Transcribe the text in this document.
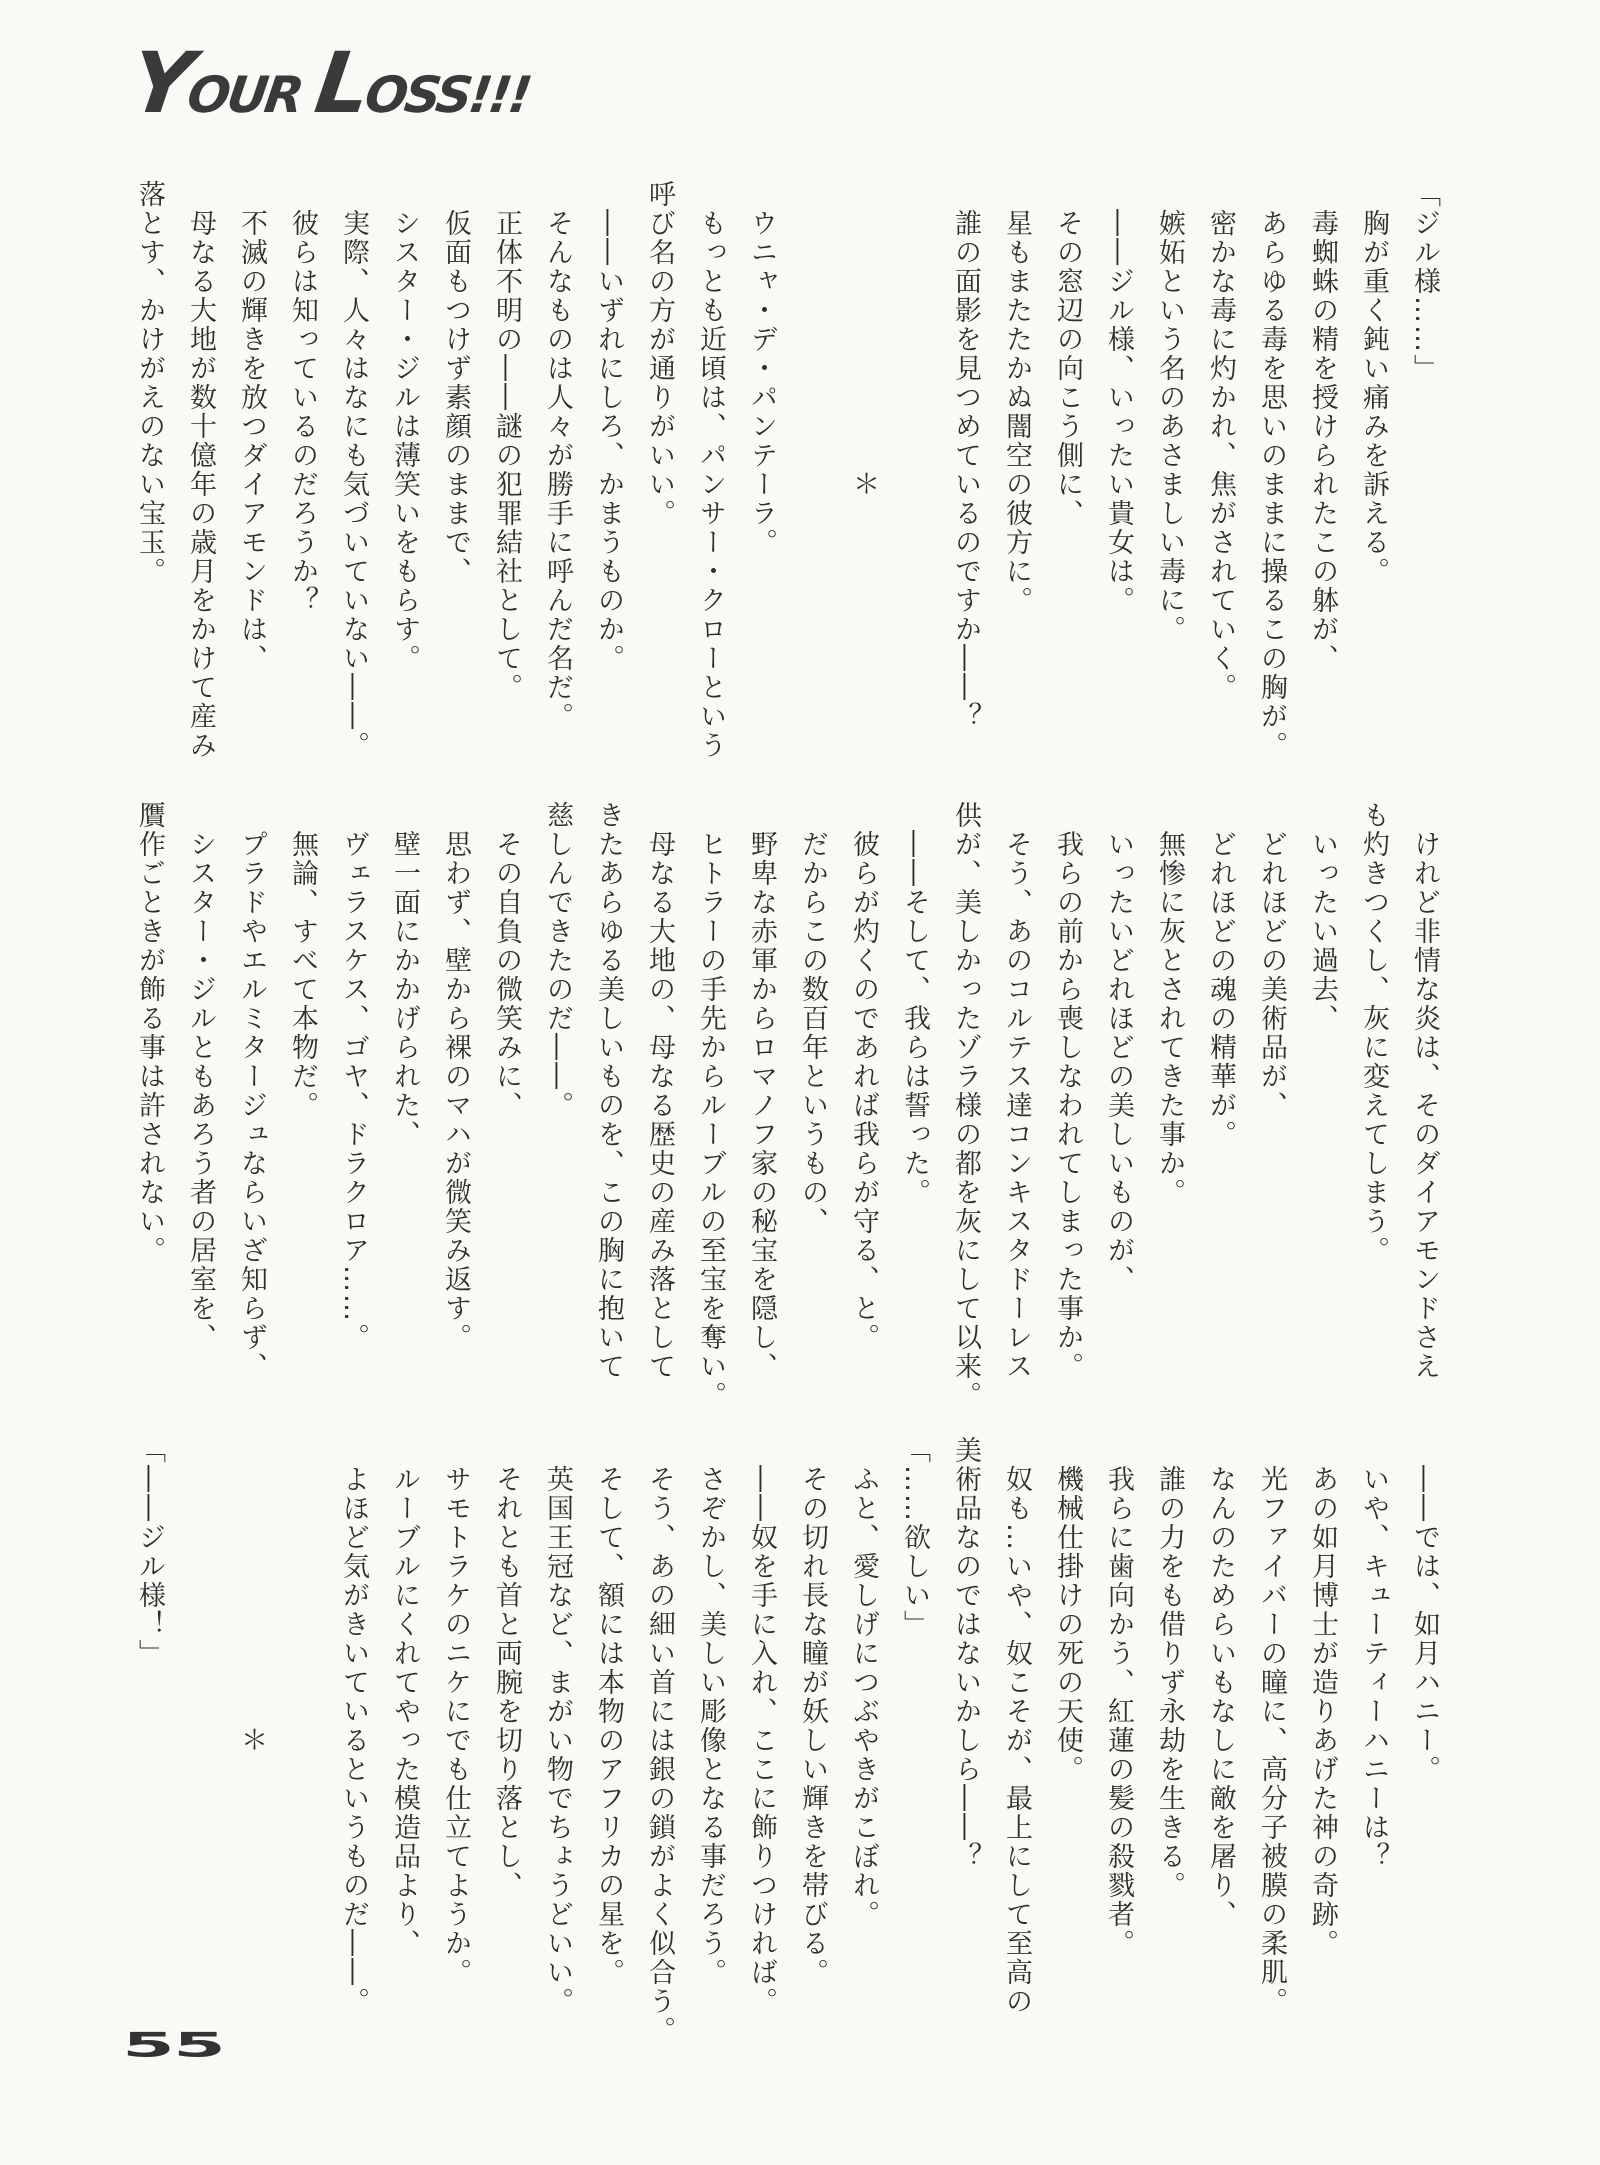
YOUR LOSS!!!
「ジル様……」
　胸が重く鈍い痛みを訴える。
　毒蜘蛛の精を授けられたこの躰が、
　あらゆる毒を思いのままに操るこの胸が。
　密かな毒に灼かれ、焦がされていく。
　嫉妬という名のあさましい毒に。
　――ジル様、いったい貴女は。
　その窓辺の向こう側に、
　星もまたたかぬ闇空の彼方に。
　誰の面影を見つめているのですか――？
　　　　　　　　　　＊
　ウニャ・デ・パンテーラ。
　もっとも近頃は、パンサー・クローという
呼び名の方が通りがいい。
　――いずれにしろ、かまうものか。
　そんなものは人々が勝手に呼んだ名だ。
　正体不明の――謎の犯罪結社として。
　仮面もつけず素顔のままで、
　シスター・ジルは薄笑いをもらす。
　実際、人々はなにも気づいていない――。
　彼らは知っているのだろうか？
　不滅の輝きを放つダイアモンドは、
　母なる大地が数十億年の歳月をかけて産み
落とす、かけがえのない宝玉。
　けれど非情な炎は、そのダイアモンドさえ
も灼きつくし、灰に変えてしまう。
　いったい過去、
　どれほどの美術品が、
　どれほどの魂の精華が。
　無惨に灰とされてきた事か。
　いったいどれほどの美しいものが、
　我らの前から喪しなわれてしまった事か。
　そう、あのコルテス達コンキスタドーレス
供が、美しかったゾラ様の都を灰にして以来。
　――そして、我らは誓った。
　彼らが灼くのであれば我らが守る、と。
　だからこの数百年というもの、
　野卑な赤軍からロマノフ家の秘宝を隠し、
　ヒトラーの手先からルーブルの至宝を奪い。
　母なる大地の、母なる歴史の産み落として
きたあらゆる美しいものを、この胸に抱いて
慈しんできたのだ――。
　その自負の微笑みに、
　思わず、壁から裸のマハが微笑み返す。
　壁一面にかかげられた、
　ヴェラスケス、ゴヤ、ドラクロア……。
　無論、すべて本物だ。
　プラドやエルミタージュならいざ知らず、
　シスター・ジルともあろう者の居室を、
贋作ごときが飾る事は許されない。
　――では、如月ハニー。
　いや、キューティーハニーは？
　あの如月博士が造りあげた神の奇跡。
　光ファイバーの瞳に、高分子被膜の柔肌。
　なんのためらいもなしに敵を屠り、
　誰の力をも借りず永劫を生きる。
　我らに歯向かう、紅蓮の髪の殺戮者。
　機械仕掛けの死の天使。
　奴も…いや、奴こそが、最上にして至高の
美術品なのではないかしら――？
「……欲しい」
　ふと、愛しげにつぶやきがこぼれ。
　その切れ長な瞳が妖しい輝きを帯びる。
　――奴を手に入れ、ここに飾りつければ。
　さぞかし、美しい彫像となる事だろう。
　そう、あの細い首には銀の鎖がよく似合う。
　そして、額には本物のアフリカの星を。
　英国王冠など、まがい物でちょうどいい。
　それとも首と両腕を切り落とし、
　サモトラケのニケにでも仕立てようか。
　ルーブルにくれてやった模造品より、
　よほど気がきいているというものだ――。
　　　　　　　　　　＊
「――ジル様！」
55
